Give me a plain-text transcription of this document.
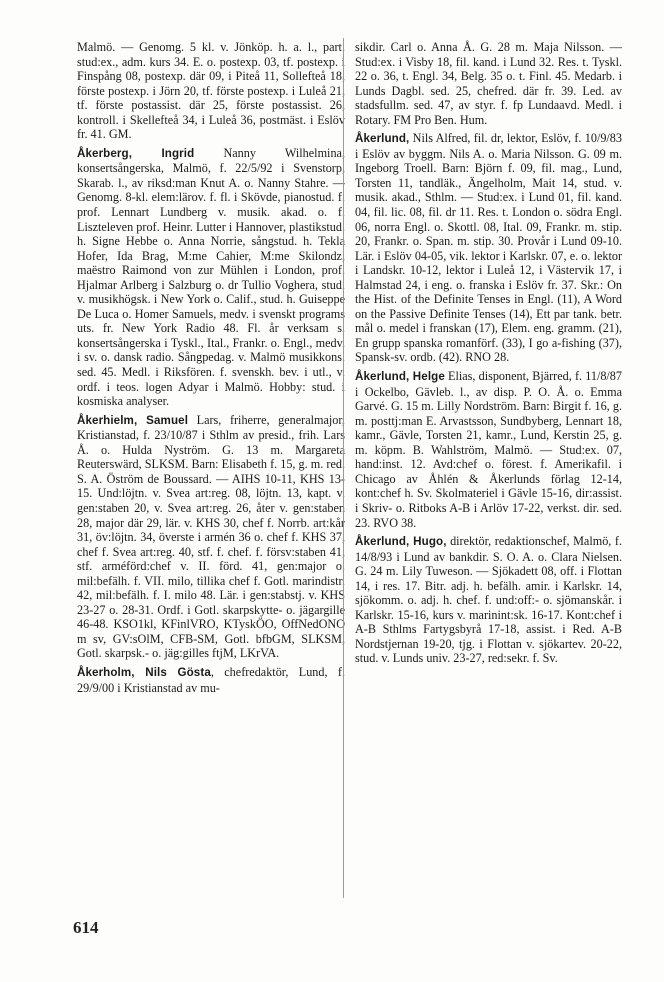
Malmö. — Genomg. 5 kl. v. Jönköp. h. a. l., part. stud:ex., adm. kurs 34. E. o. postexp. 03, tf. postexp. i Finspång 08, postexp. där 09, i Piteå 11, Sollefteå 18, förste postexp. i Jörn 20, tf. förste postexp. i Luleå 21, tf. förste postassist. där 25, förste postassist. 26, kontroll. i Skellefteå 34, i Luleå 36, postmäst. i Eslöv fr. 41. GM.

Åkerberg, Ingrid Nanny Wilhelmina, konsertsångerska, Malmö, f. 22/5/92 i Svenstorp, Skarab. l., av riksd:man Knut A. o. Nanny Stahre. — Genomg. 8-kl. elem:lärov. f. fl. i Skövde, pianostud. f. prof. Lennart Lundberg v. musik. akad. o. f. Liszteleven prof. Heinr. Lutter i Hannover, plastikstud. h. Signe Hebbe o. Anna Norrie, sångstud. h. Tekla Hofer, Ida Brag, M:me Cahier, M:me Skilondz, maëstro Raimond von zur Mühlen i London, prof. Hjalmar Arlberg i Salzburg o. dr Tullio Voghera, stud. v. musikhögsk. i New York o. Calif., stud. h. Guiseppe De Luca o. Homer Samuels, medv. i svenskt programs uts. fr. New York Radio 48. Fl. år verksam s. konsertsångerska i Tyskl., Ital., Frankr. o. Engl., medv. i sv. o. dansk radio. Sångpedag. v. Malmö musikkons. sed. 45. Medl. i Riksfören. f. svenskh. bev. i utl., v. ordf. i teos. logen Adyar i Malmö. Hobby: stud. i kosmiska analyser.

Åkerhielm, Samuel Lars, friherre, generalmajor, Kristianstad, f. 23/10/87 i Sthlm av presid., frih. Lars Å. o. Hulda Nyström. G. 13 m. Margareta Reuterswärd, SLKSM. Barn: Elisabeth f. 15, g. m. red. S. A. Öström de Boussard. — AIHS 10-11, KHS 13-15. Und:löjtn. v. Svea art:reg. 08, löjtn. 13, kapt. v. gen:staben 20, v. Svea art:reg. 26, åter v. gen:staben 28, major där 29, lär. v. KHS 30, chef f. Norrb. art:kår 31, öv:löjtn. 34, överste i armén 36 o. chef f. KHS 37, chef f. Svea art:reg. 40, stf. f. chef. f. försv:staben 41, stf. arméförd:chef v. II. förd. 41, gen:major o. mil:befälh. f. VII. milo, tillika chef f. Gotl. marindistr. 42, mil:befälh. f. I. milo 48. Lär. i gen:stabstj. v. KHS 23-27 o. 28-31. Ordf. i Gotl. skarpskytte- o. jägargille 46-48. KSO1kl, KFinlVRO, KTyskÖO, OffNedONO m sv, GV:sOlM, CFB-SM, Gotl. bfbGM, SLKSM, Gotl. skarpsk.- o. jäg:gilles ftjM, LKrVA.

Åkerholm, Nils Gösta, chefredaktör, Lund, f. 29/9/00 i Kristianstad av mu-

sikdir. Carl o. Anna Å. G. 28 m. Maja Nilsson. — Stud:ex. i Visby 18, fil. kand. i Lund 32. Res. t. Tyskl. 22 o. 36, t. Engl. 34, Belg. 35 o. t. Finl. 45. Medarb. i Lunds Dagbl. sed. 25, chefred. där fr. 39. Led. av stadsfullm. sed. 47, av styr. f. fp Lundaavd. Medl. i Rotary. FM Pro Ben. Hum.

Åkerlund, Nils Alfred, fil. dr, lektor, Eslöv, f. 10/9/83 i Eslöv av byggm. Nils A. o. Maria Nilsson. G. 09 m. Ingeborg Troell. Barn: Björn f. 09, fil. mag., Lund, Torsten 11, tandläk., Ängelholm, Mait 14, stud. v. musik. akad., Sthlm. — Stud:ex. i Lund 01, fil. kand. 04, fil. lic. 08, fil. dr 11. Res. t. London o. södra Engl. 06, norra Engl. o. Skottl. 08, Ital. 09, Frankr. m. stip. 20, Frankr. o. Span. m. stip. 30. Provår i Lund 09-10. Lär. i Eslöv 04-05, vik. lektor i Karlskr. 07, e. o. lektor i Landskr. 10-12, lektor i Luleå 12, i Västervik 17, i Halmstad 24, i eng. o. franska i Eslöv fr. 37. Skr.: On the Hist. of the Definite Tenses in Engl. (11), A Word on the Passive Definite Tenses (14), Ett par tank. betr. mål o. medel i franskan (17), Elem. eng. gramm. (21), En grupp spanska romanförf. (33), I go a-fishing (37), Spansk-sv. ordb. (42). RNO 28.

Åkerlund, Helge Elias, disponent, Bjärred, f. 11/8/87 i Ockelbo, Gävleb. l., av disp. P. O. Å. o. Emma Garvé. G. 15 m. Lilly Nordström. Barn: Birgit f. 16, g. m. posttj:man E. Arvastsson, Sundbyberg, Lennart 18, kamr., Gävle, Torsten 21, kamr., Lund, Kerstin 25, g. m. köpm. B. Wahlström, Malmö. — Stud:ex. 07, hand:inst. 12. Avd:chef o. förest. f. Amerikafil. i Chicago av Åhlén & Åkerlunds förlag 12-14, kont:chef h. Sv. Skolmateriel i Gävle 15-16, dir:assist. i Skriv- o. Ritboks A-B i Arlöv 17-22, verkst. dir. sed. 23. RVO 38.

Åkerlund, Hugo, direktör, redaktionschef, Malmö, f. 14/8/93 i Lund av bankdir. S. O. A. o. Clara Nielsen. G. 24 m. Lily Tuweson. — Sjökadett 08, off. i Flottan 14, i res. 17. Bitr. adj. h. befälh. amir. i Karlskr. 14, sjökomm. o. adj. h. chef. f. und:off:- o. sjömanskår. i Karlskr. 15-16, kurs v. marinint:sk. 16-17. Kont:chef i A-B Sthlms Fartygsbyrå 17-18, assist. i Red. A-B Nordstjernan 19-20, tjg. i Flottan v. sjökartev. 20-22, stud. v. Lunds univ. 23-27, red:sekr. f. Sv.

614
